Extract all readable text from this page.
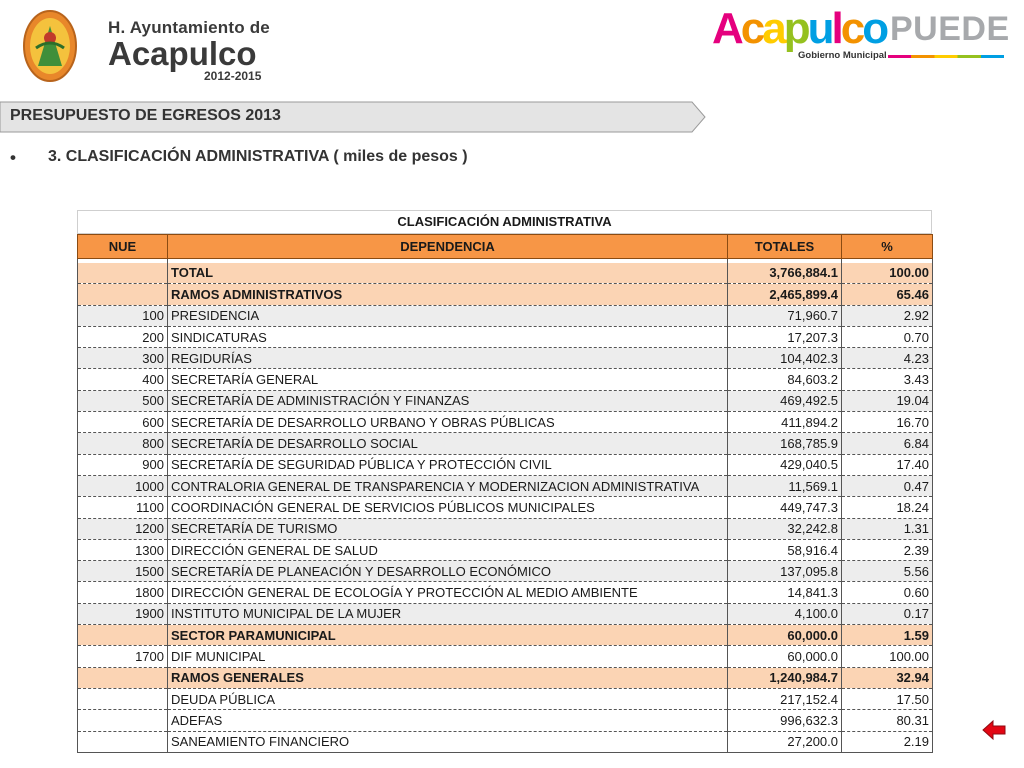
H. Ayuntamiento de
Acapulco
2012-2015
Acapulco PUEDE
Gobierno Municipal
PRESUPUESTO DE EGRESOS 2013
• 3. CLASIFICACIÓN ADMINISTRATIVA ( miles de pesos )
CLASIFICACIÓN ADMINISTRATIVA
NUE	DEPENDENCIA	TOTALES	%

	TOTAL	3,766,884.1	100.00
	RAMOS ADMINISTRATIVOS	2,465,899.4	65.46
100	PRESIDENCIA	71,960.7	2.92
200	SINDICATURAS	17,207.3	0.70
300	REGIDURÍAS	104,402.3	4.23
400	SECRETARÍA GENERAL	84,603.2	3.43
500	SECRETARÍA DE ADMINISTRACIÓN Y FINANZAS	469,492.5	19.04
600	SECRETARÍA DE DESARROLLO URBANO Y OBRAS PÚBLICAS	411,894.2	16.70
800	SECRETARÍA DE DESARROLLO SOCIAL	168,785.9	6.84
900	SECRETARÍA DE SEGURIDAD PÚBLICA Y PROTECCIÓN CIVIL	429,040.5	17.40
1000	CONTRALORIA GENERAL DE TRANSPARENCIA Y MODERNIZACION ADMINISTRATIVA	11,569.1	0.47
1100	COORDINACIÓN GENERAL DE SERVICIOS PÚBLICOS MUNICIPALES	449,747.3	18.24
1200	SECRETARÍA DE TURISMO	32,242.8	1.31
1300	DIRECCIÓN GENERAL DE SALUD	58,916.4	2.39
1500	SECRETARÍA DE PLANEACIÓN Y DESARROLLO ECONÓMICO	137,095.8	5.56
1800	DIRECCIÓN GENERAL DE ECOLOGÍA Y PROTECCIÓN AL MEDIO AMBIENTE	14,841.3	0.60
1900	INSTITUTO MUNICIPAL DE LA MUJER	4,100.0	0.17
	SECTOR PARAMUNICIPAL	60,000.0	1.59
1700	DIF MUNICIPAL	60,000.0	100.00
	RAMOS GENERALES	1,240,984.7	32.94
	DEUDA PÚBLICA	217,152.4	17.50
	ADEFAS	996,632.3	80.31
	SANEAMIENTO FINANCIERO	27,200.0	2.19
